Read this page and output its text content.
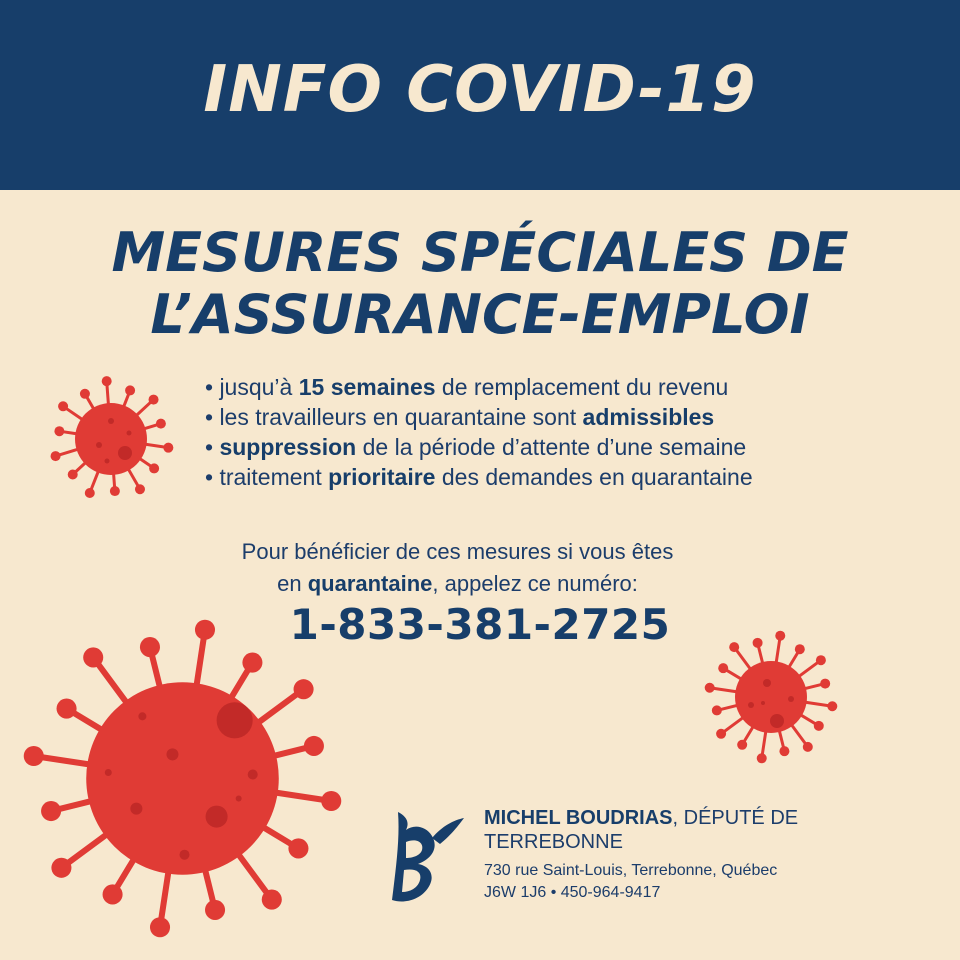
INFO COVID-19
MESURES SPÉCIALES DE
L’ASSURANCE-EMPLOI
• jusqu’à 15 semaines de remplacement du revenu
• les travailleurs en quarantaine sont admissibles
• suppression de la période d’attente d’une semaine
• traitement prioritaire des demandes en quarantaine
Pour bénéficier de ces mesures si vous êtes
en quarantaine, appelez ce numéro:
1-833-381-2725
MICHEL BOUDRIAS, DÉPUTÉ DE
TERREBONNE
730 rue Saint-Louis, Terrebonne, Québec
J6W 1J6 • 450-964-9417
